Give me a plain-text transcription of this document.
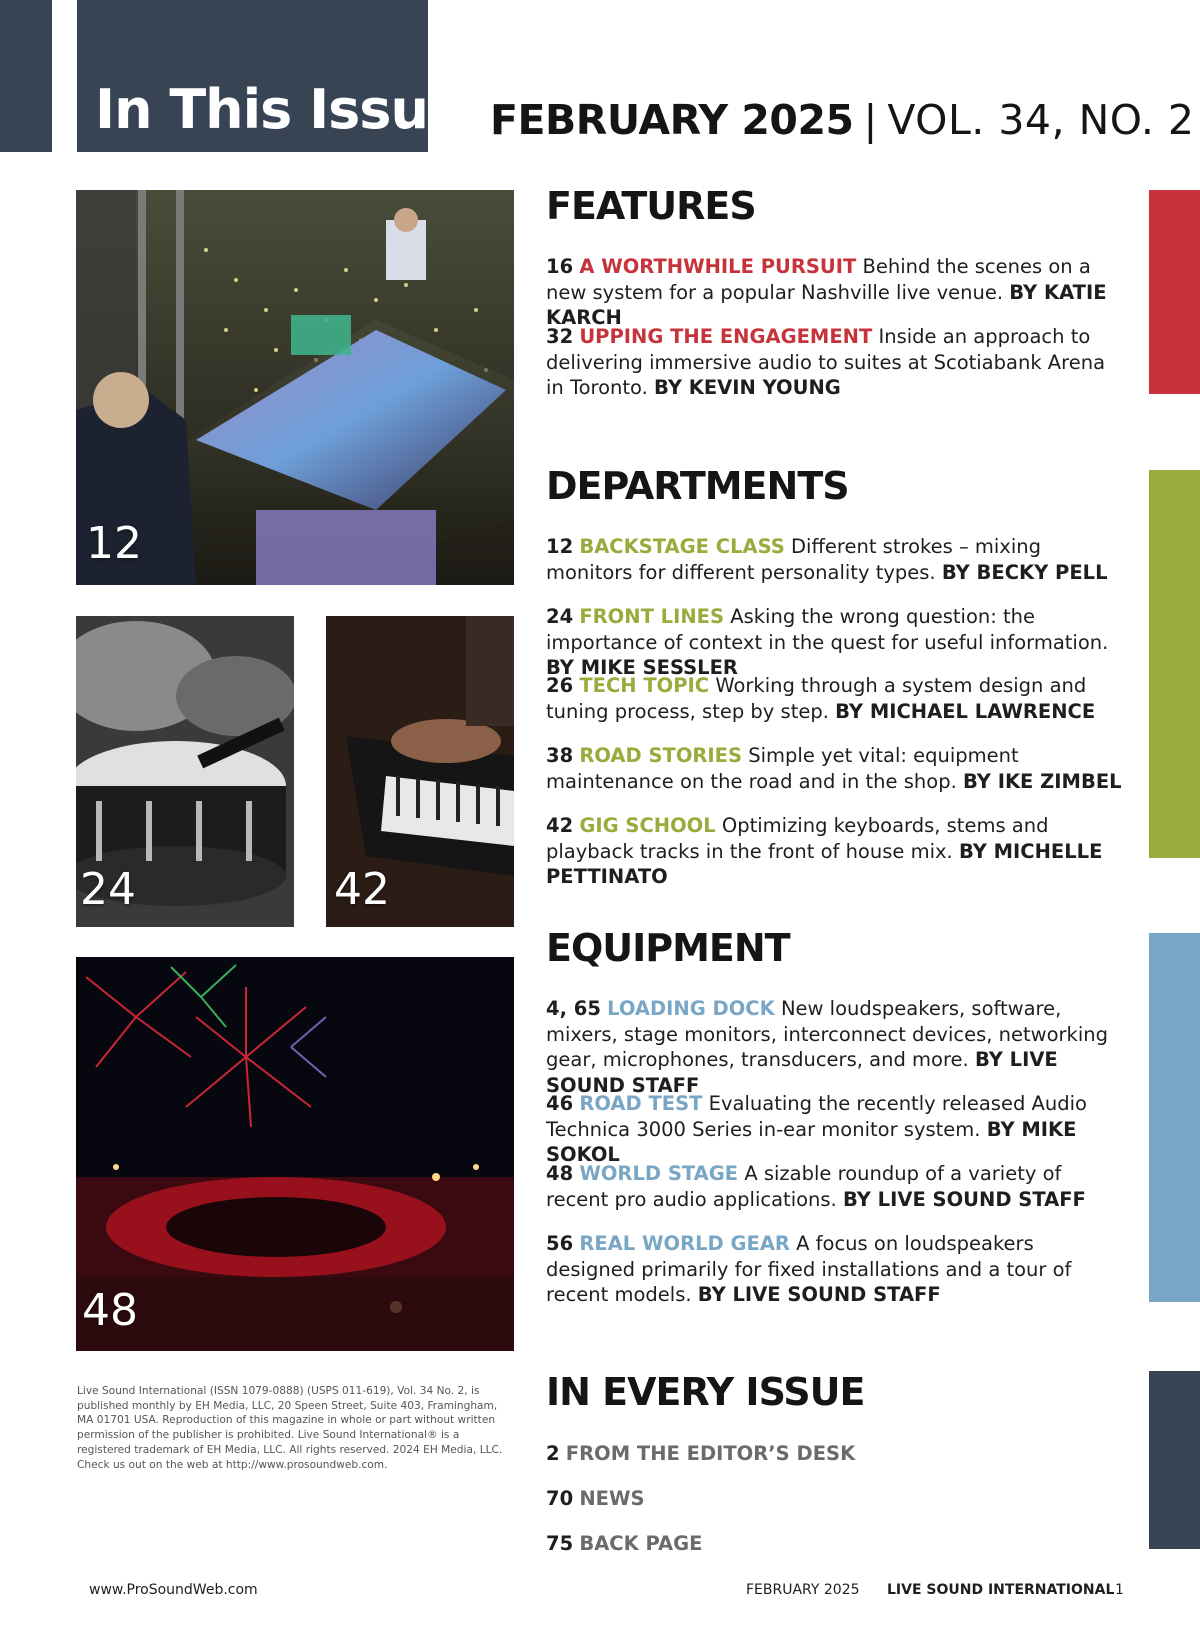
In This Issue FEBRUARY 2025 | VOL. 34, NO. 2
12
24	42
48
Live Sound International (ISSN 1079-0888) (USPS 011-619), Vol. 34 No. 2, is published monthly by EH Media, LLC, 20 Speen Street, Suite 403, Framingham, MA 01701 USA. Reproduction of this magazine in whole or part without written permission of the publisher is prohibited. Live Sound International® is a registered trademark of EH Media, LLC. All rights reserved. 2024 EH Media, LLC. Check us out on the web at http://www.prosoundweb.com.
FEATURES
16 A WORTHWHILE PURSUIT Behind the scenes on a new system for a popular Nashville live venue. BY KATIE KARCH
32 UPPING THE ENGAGEMENT Inside an approach to delivering immersive audio to suites at Scotiabank Arena in Toronto. BY KEVIN YOUNG
DEPARTMENTS
12 BACKSTAGE CLASS Different strokes – mixing monitors for different personality types. BY BECKY PELL
24 FRONT LINES Asking the wrong question: the importance of context in the quest for useful information. BY MIKE SESSLER
26 TECH TOPIC Working through a system design and tuning process, step by step. BY MICHAEL LAWRENCE
38 ROAD STORIES Simple yet vital: equipment maintenance on the road and in the shop. BY IKE ZIMBEL
42 GIG SCHOOL Optimizing keyboards, stems and playback tracks in the front of house mix. BY MICHELLE PETTINATO
EQUIPMENT
4, 65 LOADING DOCK New loudspeakers, software, mixers, stage monitors, interconnect devices, networking gear, microphones, transducers, and more. BY LIVE SOUND STAFF
46 ROAD TEST Evaluating the recently released Audio Technica 3000 Series in-ear monitor system. BY MIKE SOKOL
48 WORLD STAGE A sizable roundup of a variety of recent pro audio applications. BY LIVE SOUND STAFF
56 REAL WORLD GEAR A focus on loudspeakers designed primarily for fixed installations and a tour of recent models. BY LIVE SOUND STAFF
IN EVERY ISSUE
2 FROM THE EDITOR’S DESK
70 NEWS
75 BACK PAGE
www.ProSoundWeb.com	FEBRUARY 2025 LIVE SOUND INTERNATIONAL 1
